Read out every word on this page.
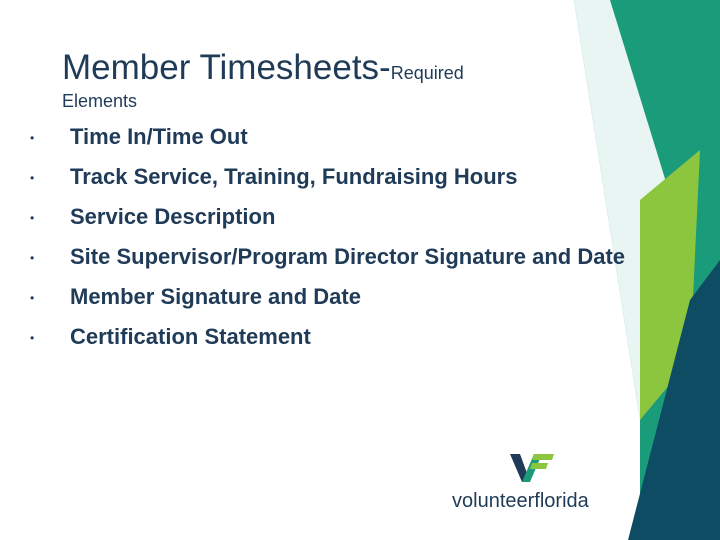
Member Timesheets-Required
Elements
• Time In/Time Out
• Track Service, Training, Fundraising Hours
• Service Description
• Site Supervisor/Program Director Signature and Date
• Member Signature and Date
• Certification Statement
volunteerflorida
